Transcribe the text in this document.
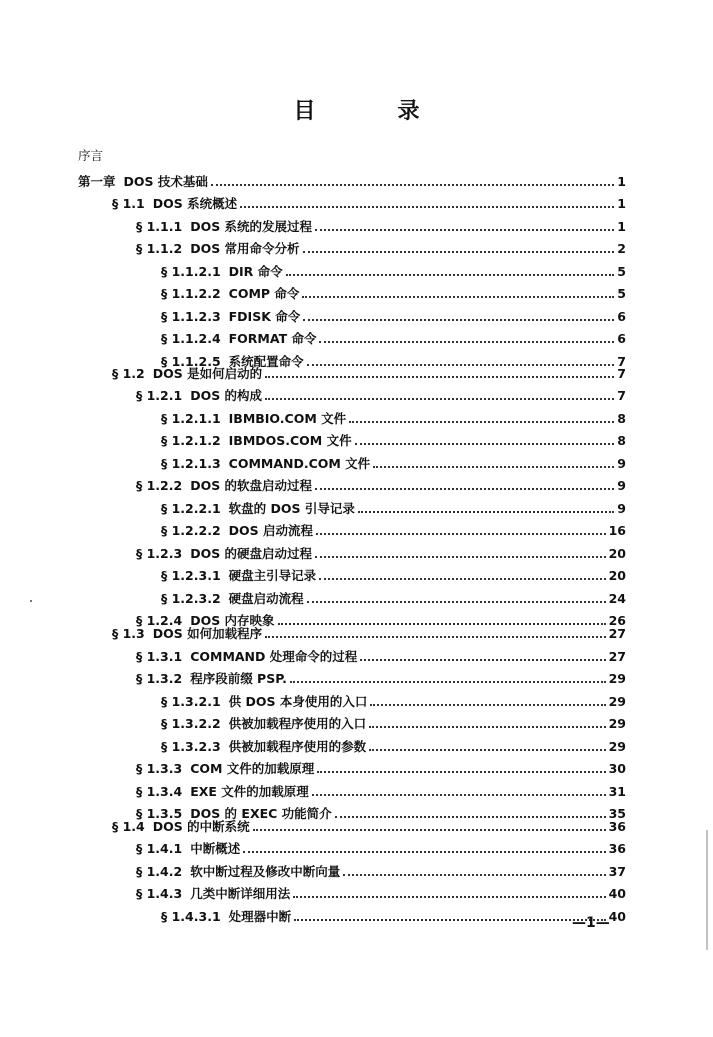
目　录
序言
第一章 DOS 技术基础	1
§ 1.1 DOS 系统概述	1
§ 1.1.1 DOS 系统的发展过程	1
§ 1.1.2 DOS 常用命令分析	2
§ 1.1.2.1 DIR 命令	5
§ 1.1.2.2 COMP 命令	5
§ 1.1.2.3 FDISK 命令	6
§ 1.1.2.4 FORMAT 命令	6
§ 1.1.2.5 系统配置命令	7
§ 1.2 DOS 是如何启动的	7
§ 1.2.1 DOS 的构成	7
§ 1.2.1.1 IBMBIO.COM 文件	8
§ 1.2.1.2 IBMDOS.COM 文件	8
§ 1.2.1.3 COMMAND.COM 文件	9
§ 1.2.2 DOS 的软盘启动过程	9
§ 1.2.2.1 软盘的 DOS 引导记录	9
§ 1.2.2.2 DOS 启动流程	16
§ 1.2.3 DOS 的硬盘启动过程	20
§ 1.2.3.1 硬盘主引导记录	20
§ 1.2.3.2 硬盘启动流程	24
§ 1.2.4 DOS 内存映象	26
§ 1.3 DOS 如何加载程序	27
§ 1.3.1 COMMAND 处理命令的过程	27
§ 1.3.2 程序段前缀 PSP.	29
§ 1.3.2.1 供 DOS 本身使用的入口	29
§ 1.3.2.2 供被加载程序使用的入口	29
§ 1.3.2.3 供被加载程序使用的参数	29
§ 1.3.3 COM 文件的加载原理	30
§ 1.3.4 EXE 文件的加载原理	31
§ 1.3.5 DOS 的 EXEC 功能简介	35
§ 1.4 DOS 的中断系统	36
§ 1.4.1 中断概述	36
§ 1.4.2 软中断过程及修改中断向量	37
§ 1.4.3 几类中断详细用法	40
§ 1.4.3.1 处理器中断	40
—1—
